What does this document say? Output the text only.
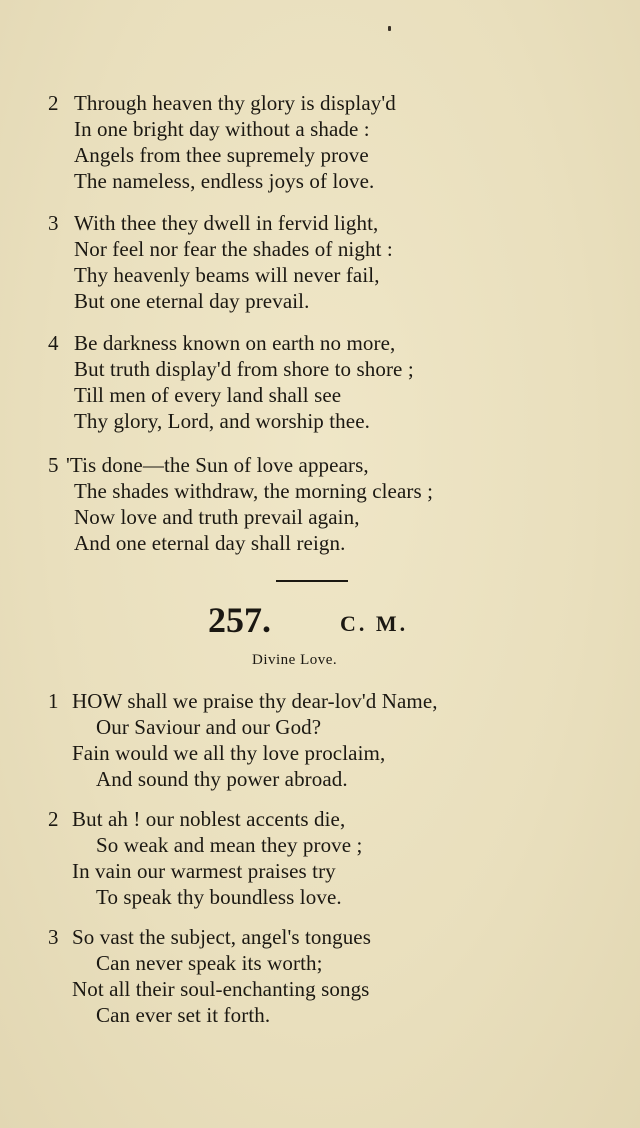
2 Through heaven thy glory is display'd
In one bright day without a shade :
Angels from thee supremely prove
The nameless, endless joys of love.
3 With thee they dwell in fervid light,
Nor feel nor fear the shades of night :
Thy heavenly beams will never fail,
But one eternal day prevail.
4 Be darkness known on earth no more,
But truth display'd from shore to shore ;
Till men of every land shall see
Thy glory, Lord, and worship thee.
5 'Tis done—the Sun of love appears,
The shades withdraw, the morning clears ;
Now love and truth prevail again,
And one eternal day shall reign.
257.	C. M.
Divine Love.
1 HOW shall we praise thy dear-lov'd Name,
Our Saviour and our God?
Fain would we all thy love proclaim,
And sound thy power abroad.
2 But ah ! our noblest accents die,
So weak and mean they prove ;
In vain our warmest praises try
To speak thy boundless love.
3 So vast the subject, angel's tongues
Can never speak its worth;
Not all their soul-enchanting songs
Can ever set it forth.
